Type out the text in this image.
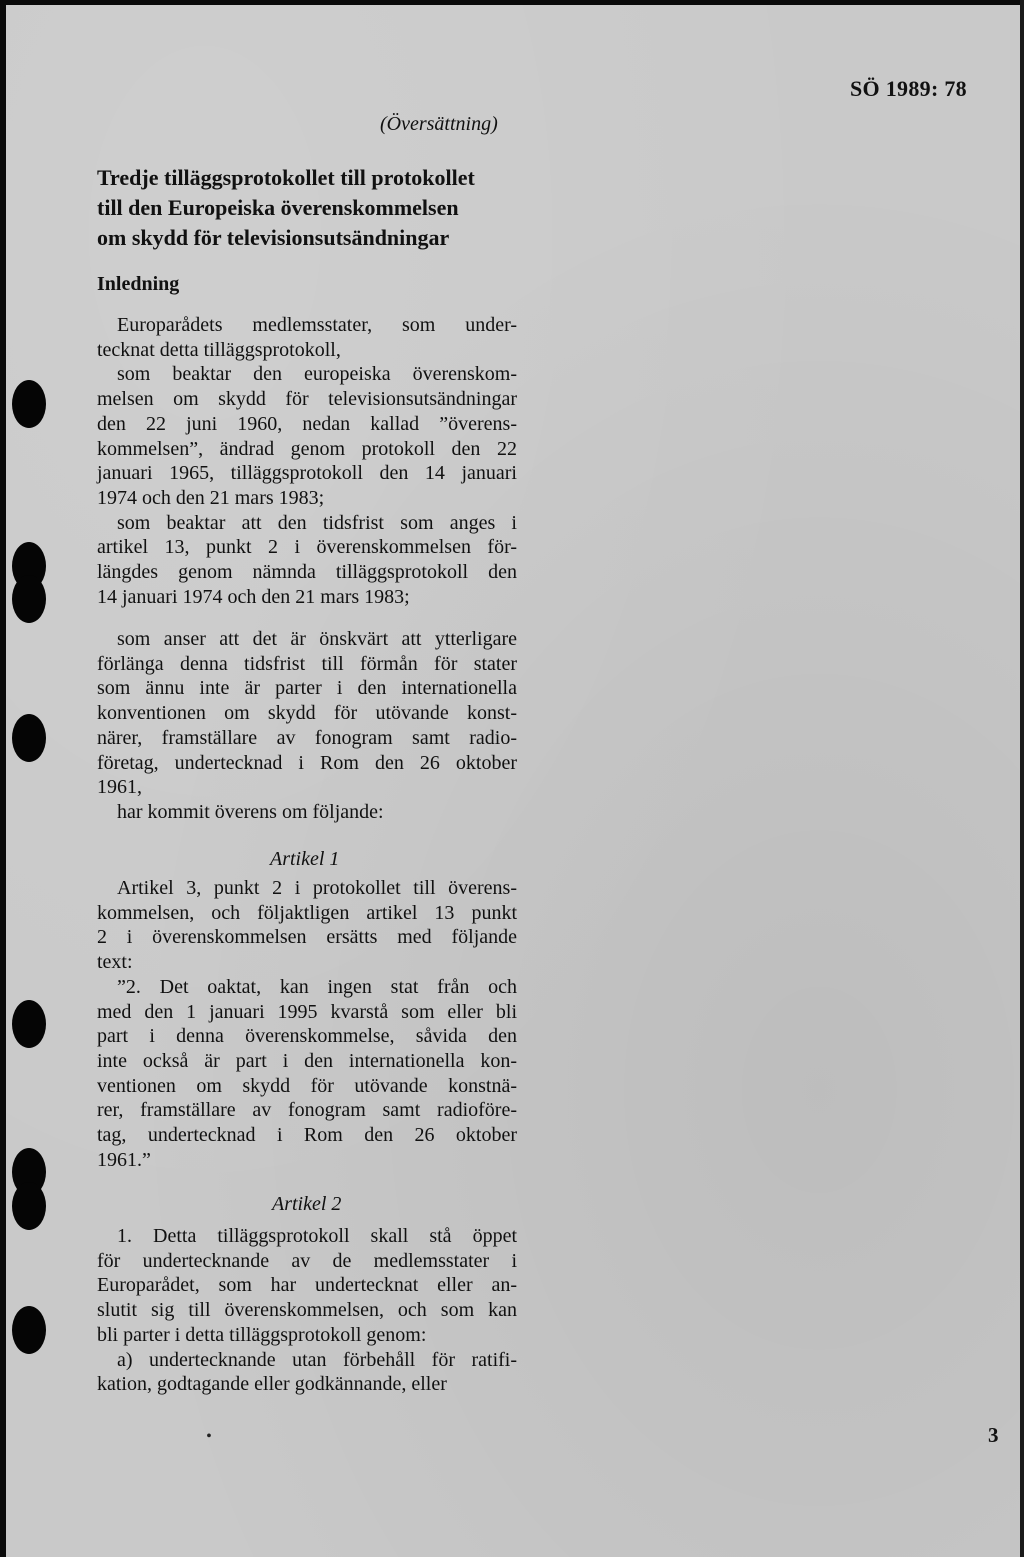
SÖ 1989: 78
(Översättning)
Tredje tilläggsprotokollet till protokollet
till den Europeiska överenskommelsen
om skydd för televisionsutsändningar
Inledning
Europarådets medlemsstater, som under-
tecknat detta tilläggsprotokoll,
som beaktar den europeiska överenskom-
melsen om skydd för televisionsutsändningar
den 22 juni 1960, nedan kallad ”överens-
kommelsen”, ändrad genom protokoll den 22
januari 1965, tilläggsprotokoll den 14 januari
1974 och den 21 mars 1983;
som beaktar att den tidsfrist som anges i
artikel 13, punkt 2 i överenskommelsen för-
längdes genom nämnda tilläggsprotokoll den
14 januari 1974 och den 21 mars 1983;
som anser att det är önskvärt att ytterligare
förlänga denna tidsfrist till förmån för stater
som ännu inte är parter i den internationella
konventionen om skydd för utövande konst-
närer, framställare av fonogram samt radio-
företag, undertecknad i Rom den 26 oktober
1961,
har kommit överens om följande:
Artikel 1
Artikel 3, punkt 2 i protokollet till överens-
kommelsen, och följaktligen artikel 13 punkt
2 i överenskommelsen ersätts med följande
text:
”2. Det oaktat, kan ingen stat från och
med den 1 januari 1995 kvarstå som eller bli
part i denna överenskommelse, såvida den
inte också är part i den internationella kon-
ventionen om skydd för utövande konstnä-
rer, framställare av fonogram samt radioföre-
tag, undertecknad i Rom den 26 oktober
1961.”
Artikel 2
1. Detta tilläggsprotokoll skall stå öppet
för undertecknande av de medlemsstater i
Europarådet, som har undertecknat eller an-
slutit sig till överenskommelsen, och som kan
bli parter i detta tilläggsprotokoll genom:
a) undertecknande utan förbehåll för ratifi-
kation, godtagande eller godkännande, eller
•	3
